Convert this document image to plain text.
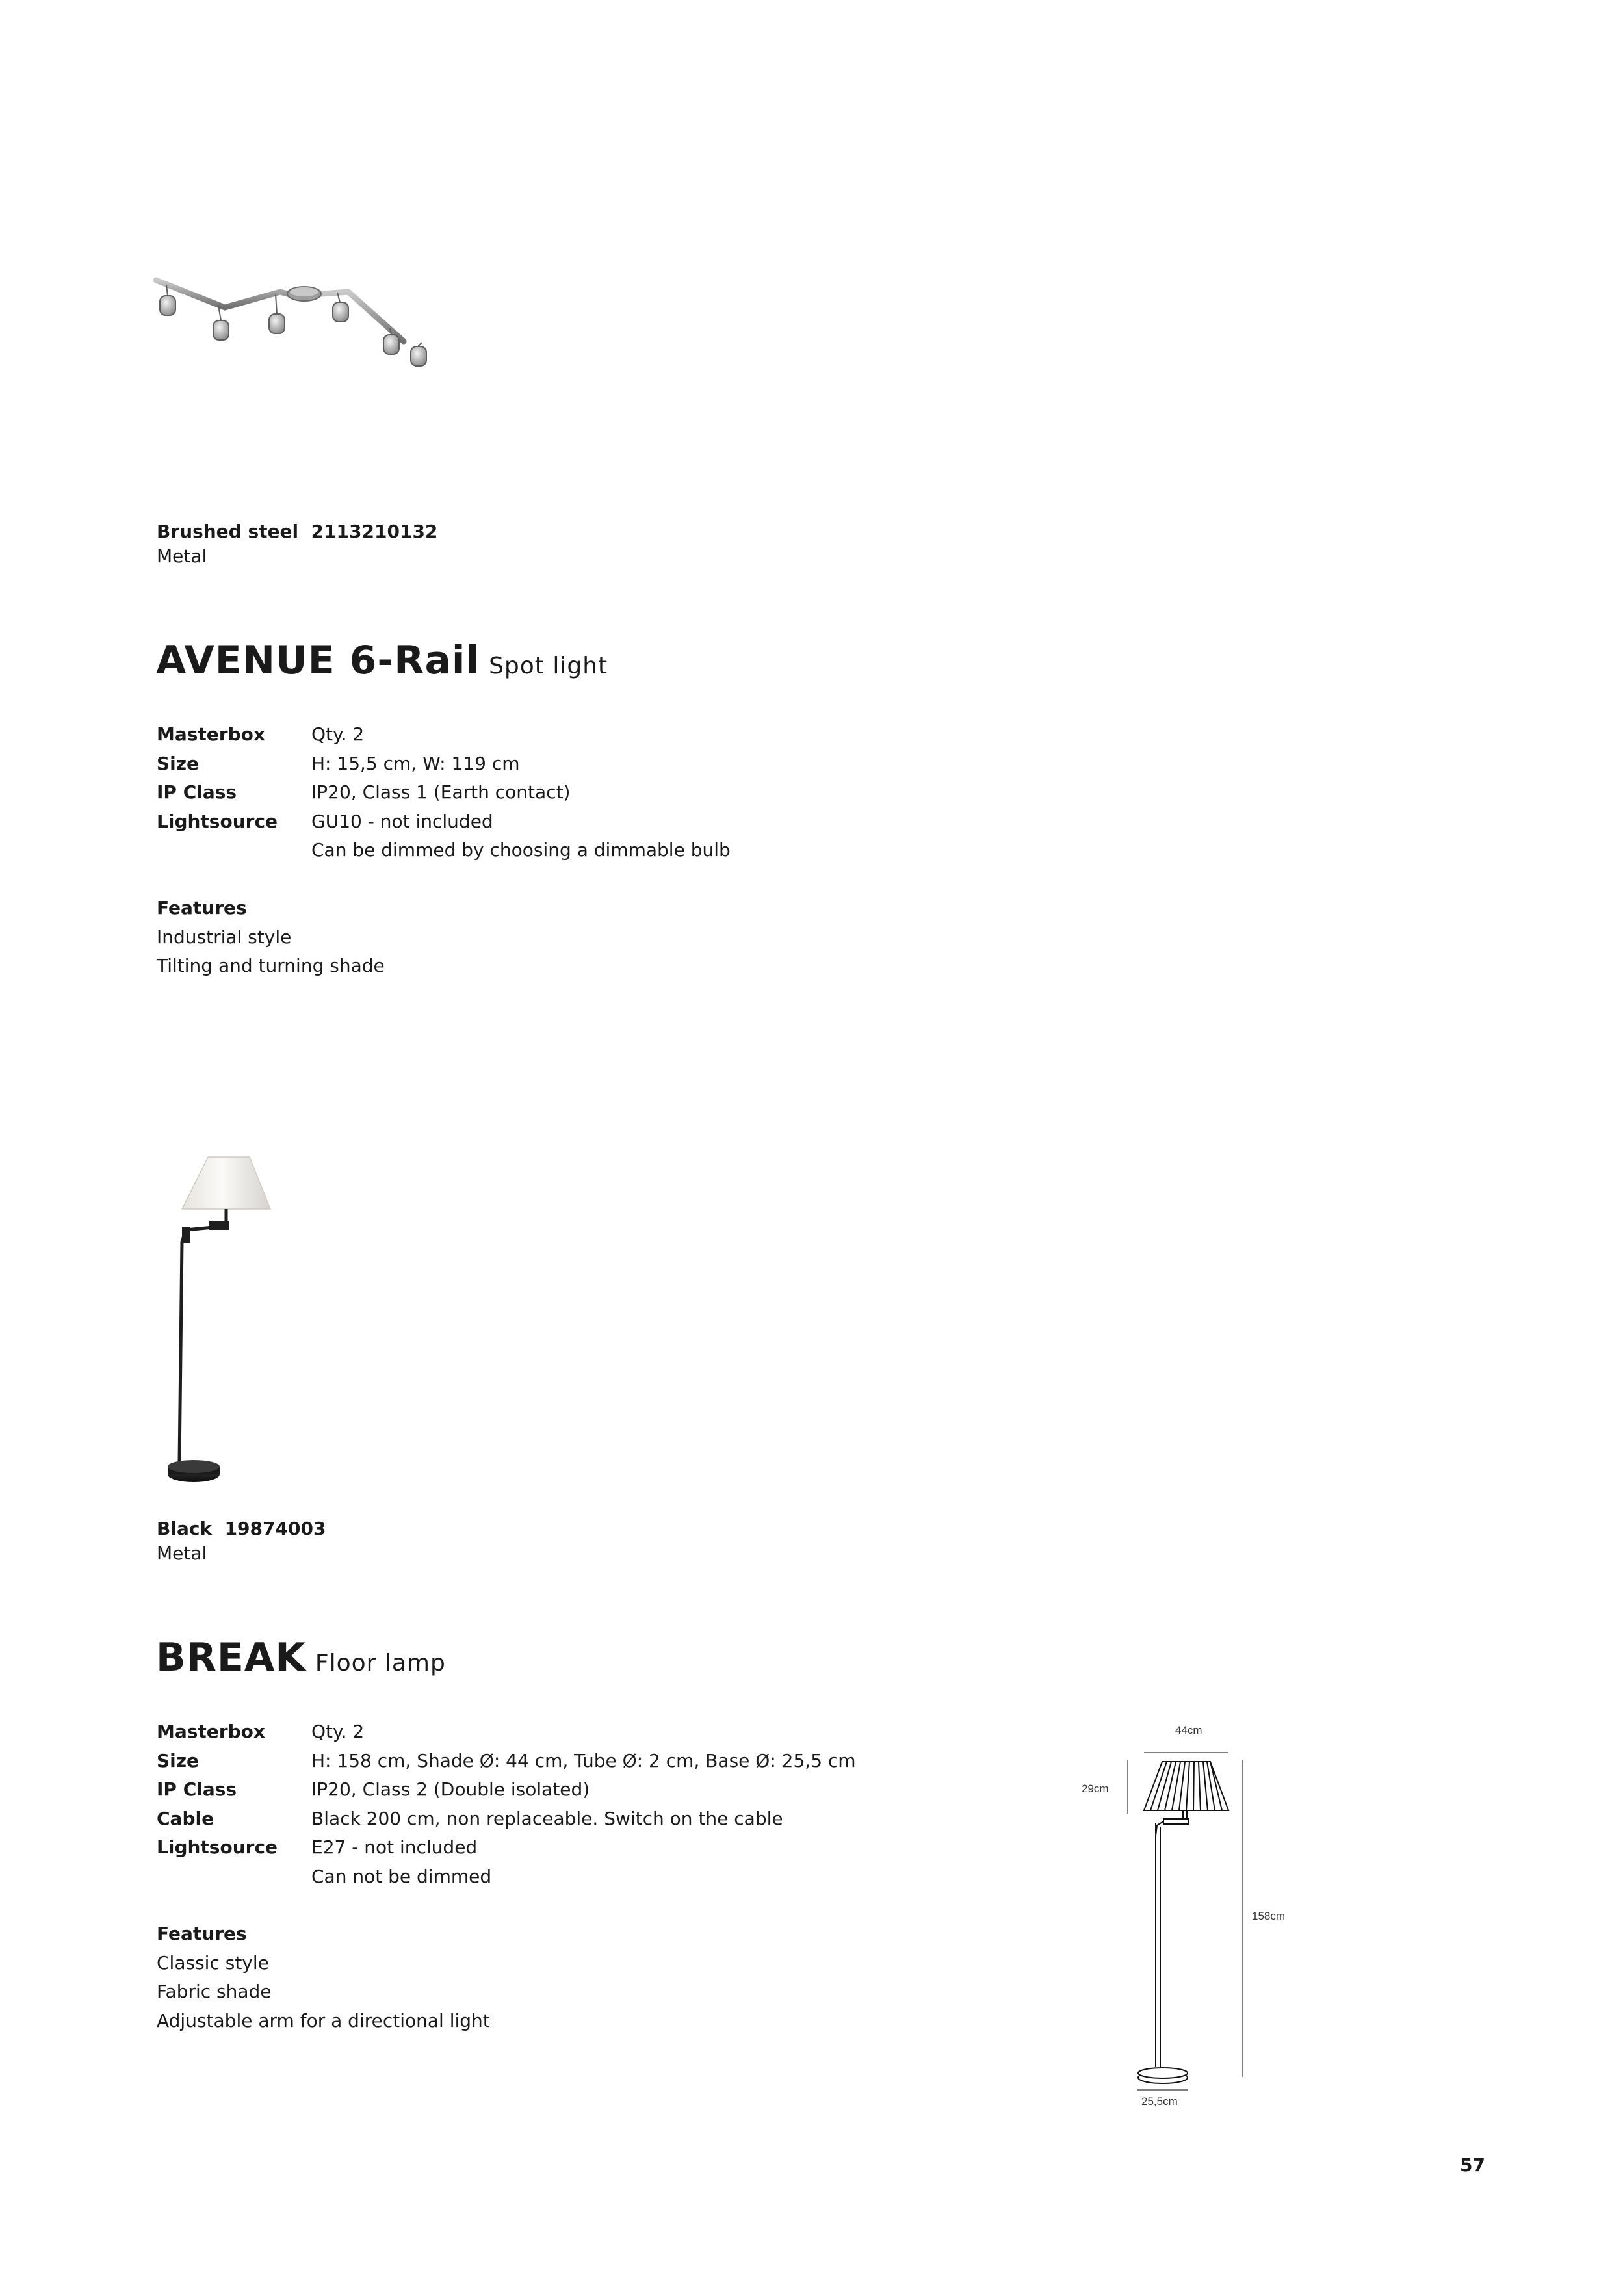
Brushed steel 2113210132
Metal
AVENUE 6-Rail Spot light
Masterbox	Qty. 2
Size	H: 15,5 cm, W: 119 cm
IP Class	IP20, Class 1 (Earth contact)
Lightsource GU10 - not included
Can be dimmed by choosing a dimmable bulb
Features
Industrial style
Tilting and turning shade
Black 19874003
Metal
BREAK Floor lamp
Masterbox	Qty. 2
Size	H: 158 cm, Shade Ø: 44 cm, Tube Ø: 2 cm, Base Ø: 25,5 cm
IP Class	IP20, Class 2 (Double isolated)
Cable	Black 200 cm, non replaceable. Switch on the cable
Lightsource E27 - not included
Can not be dimmed
Features
Classic style
Fabric shade
Adjustable arm for a directional light
44cm
29cm
158cm
25,5cm
57
